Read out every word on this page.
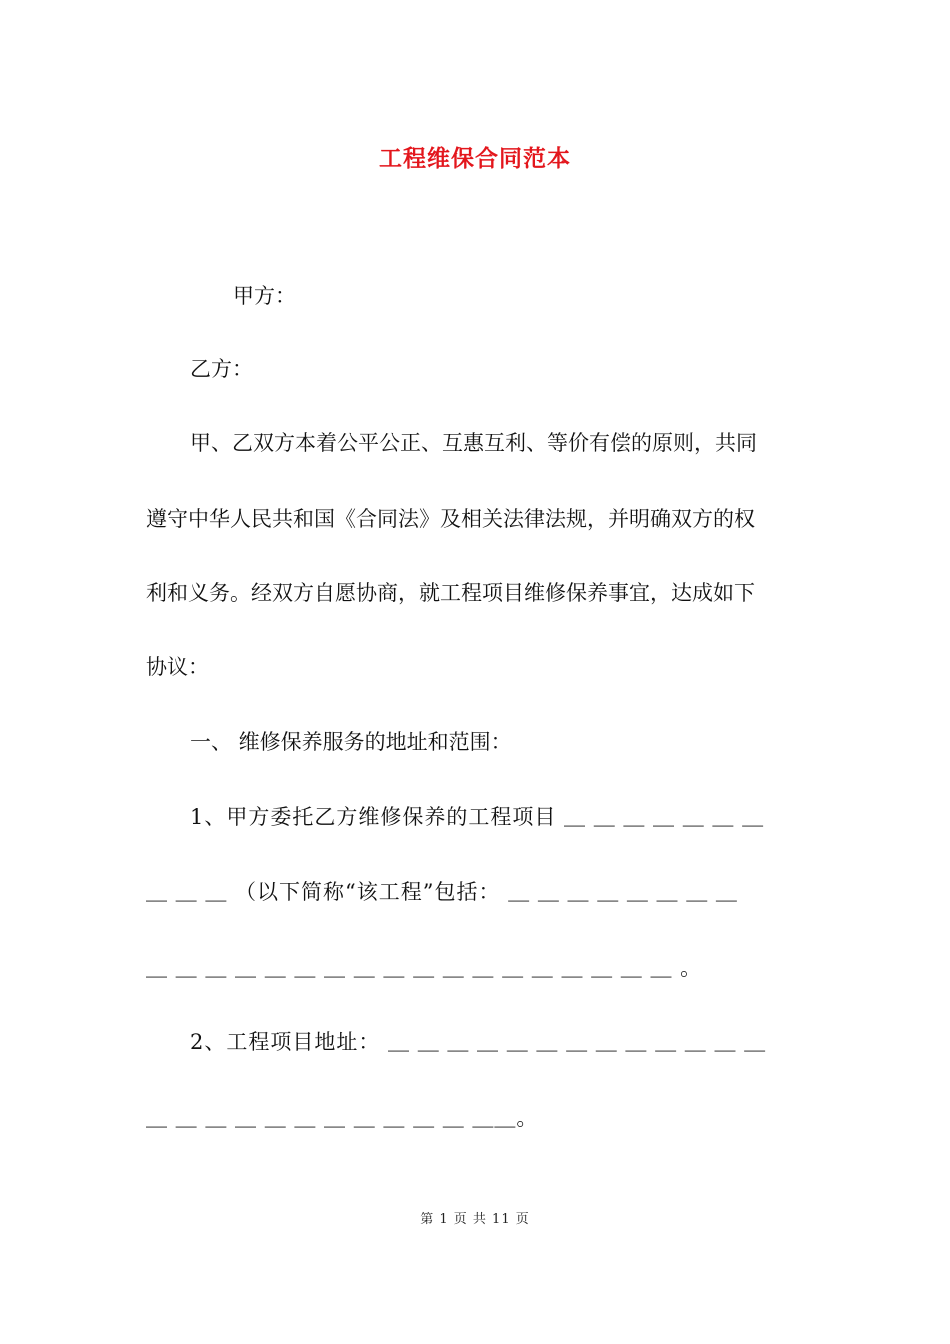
工程维保合同范本
甲方：
乙方：
甲、乙双方本着公平公正、互惠互利、等价有偿的原则，共同
遵守中华人民共和国《合同法》及相关法律法规，并明确双方的权
利和义务。经双方自愿协商，就工程项目维修保养事宜，达成如下
协议：
一、 维修保养服务的地址和范围：
1、甲方委托乙方维修保养的工程项目 ＿ ＿ ＿ ＿ ＿ ＿ ＿
＿ ＿ ＿ （以下简称“该工程”包括： ＿ ＿ ＿ ＿ ＿ ＿ ＿ ＿
＿ ＿ ＿ ＿ ＿ ＿ ＿ ＿ ＿ ＿ ＿ ＿ ＿ ＿ ＿ ＿ ＿ ＿ 。
2、工程项目地址： ＿ ＿ ＿ ＿ ＿ ＿ ＿ ＿ ＿ ＿ ＿ ＿ ＿
＿ ＿ ＿ ＿ ＿ ＿ ＿ ＿ ＿ ＿ ＿ ＿＿。
第 1 页 共 11 页
